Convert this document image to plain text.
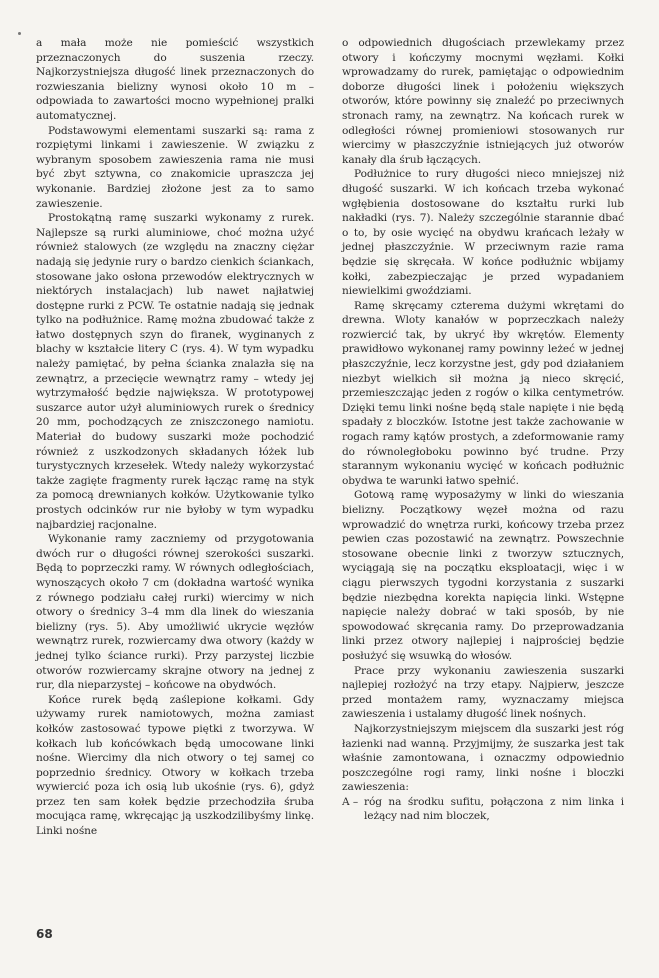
a mała może nie pomieścić wszystkich przeznaczonych do suszenia rzeczy. Najkorzystniejsza długość linek przeznaczonych do rozwieszania bielizny wynosi około 10 m – odpowiada to zawartości mocno wypełnionej pralki automatycznej.

Podstawowymi elementami suszarki są: rama z rozpiętymi linkami i zawieszenie. W związku z wybranym sposobem zawieszenia rama nie musi być zbyt sztywna, co znakomicie upraszcza jej wykonanie. Bardziej złożone jest za to samo zawieszenie.

Prostokątną ramę suszarki wykonamy z rurek. Najlepsze są rurki aluminiowe, choć można użyć również stalowych (ze względu na znaczny ciężar nadają się jedynie rury o bardzo cienkich ściankach, stosowane jako osłona przewodów elektrycznych w niektórych instalacjach) lub nawet najłatwiej dostępne rurki z PCW. Te ostatnie nadają się jednak tylko na podłużnice. Ramę można zbudować także z łatwo dostępnych szyn do firanek, wyginanych z blachy w kształcie litery C (rys. 4). W tym wypadku należy pamiętać, by pełna ścianka znalazła się na zewnątrz, a przecięcie wewnątrz ramy – wtedy jej wytrzymałość będzie największa. W prototypowej suszarce autor użył aluminiowych rurek o średnicy 20 mm, pochodzących ze zniszczonego namiotu. Materiał do budowy suszarki może pochodzić również z uszkodzonych składanych łóżek lub turystycznych krzesełek. Wtedy należy wykorzystać także zagięte fragmenty rurek łącząc ramę na styk za pomocą drewnianych kołków. Użytkowanie tylko prostych odcinków rur nie byłoby w tym wypadku najbardziej racjonalne.

Wykonanie ramy zaczniemy od przygotowania dwóch rur o długości równej szerokości suszarki. Będą to poprzeczki ramy. W równych odległościach, wynoszących około 7 cm (dokładna wartość wynika z równego podziału całej rurki) wiercimy w nich otwory o średnicy 3–4 mm dla linek do wieszania bielizny (rys. 5). Aby umożliwić ukrycie węzłów wewnątrz rurek, rozwiercamy dwa otwory (każdy w jednej tylko ściance rurki). Przy parzystej liczbie otworów rozwiercamy skrajne otwory na jednej z rur, dla nieparzystej – końcowe na obydwóch.

Końce rurek będą zaślepione kołkami. Gdy używamy rurek namiotowych, można zamiast kołków zastosować typowe piętki z tworzywa. W kołkach lub końcówkach będą umocowane linki nośne. Wiercimy dla nich otwory o tej samej co poprzednio średnicy. Otwory w kołkach trzeba wywiercić poza ich osią lub ukośnie (rys. 6), gdyż przez ten sam kołek będzie przechodziła śruba mocująca ramę, wkręcając ją uszkodzilibyśmy linkę. Linki nośne

o odpowiednich długościach przewlekamy przez otwory i kończymy mocnymi węzłami. Kołki wprowadzamy do rurek, pamiętając o odpowiednim doborze długości linek i położeniu większych otworów, które powinny się znaleźć po przeciwnych stronach ramy, na zewnątrz. Na końcach rurek w odległości równej promieniowi stosowanych rur wiercimy w płaszczyźnie istniejących już otworów kanały dla śrub łączących.

Podłużnice to rury długości nieco mniejszej niż długość suszarki. W ich końcach trzeba wykonać wgłębienia dostosowane do kształtu rurki lub nakładki (rys. 7). Należy szczególnie starannie dbać o to, by osie wycięć na obydwu krańcach leżały w jednej płaszczyźnie. W przeciwnym razie rama będzie się skręcała. W końce podłużnic wbijamy kołki, zabezpieczając je przed wypadaniem niewielkimi gwoździami.

Ramę skręcamy czterema dużymi wkrętami do drewna. Wloty kanałów w poprzeczkach należy rozwiercić tak, by ukryć łby wkrętów. Elementy prawidłowo wykonanej ramy powinny leżeć w jednej płaszczyźnie, lecz korzystne jest, gdy pod działaniem niezbyt wielkich sił można ją nieco skręcić, przemieszczając jeden z rogów o kilka centymetrów. Dzięki temu linki nośne będą stale napięte i nie będą spadały z bloczków. Istotne jest także zachowanie w rogach ramy kątów prostych, a zdeformowanie ramy do równoległoboku powinno być trudne. Przy starannym wykonaniu wycięć w końcach podłużnic obydwa te warunki łatwo spełnić.

Gotową ramę wyposażymy w linki do wieszania bielizny. Początkowy węzeł można od razu wprowadzić do wnętrza rurki, końcowy trzeba przez pewien czas pozostawić na zewnątrz. Powszechnie stosowane obecnie linki z tworzyw sztucznych, wyciągają się na początku eksploatacji, więc i w ciągu pierwszych tygodni korzystania z suszarki będzie niezbędna korekta napięcia linki. Wstępne napięcie należy dobrać w taki sposób, by nie spowodować skręcania ramy. Do przeprowadzania linki przez otwory najlepiej i najprościej będzie posłużyć się wsuwką do włosów.

Prace przy wykonaniu zawieszenia suszarki najlepiej rozłożyć na trzy etapy. Najpierw, jeszcze przed montażem ramy, wyznaczamy miejsca zawieszenia i ustalamy długość linek nośnych.

Najkorzystniejszym miejscem dla suszarki jest róg łazienki nad wanną. Przyjmijmy, że suszarka jest tak właśnie zamontowana, i oznaczmy odpowiednio poszczególne rogi ramy, linki nośne i bloczki zawieszenia:

A – róg na środku sufitu, połączona z nim linka i leżący nad nim bloczek,
68
